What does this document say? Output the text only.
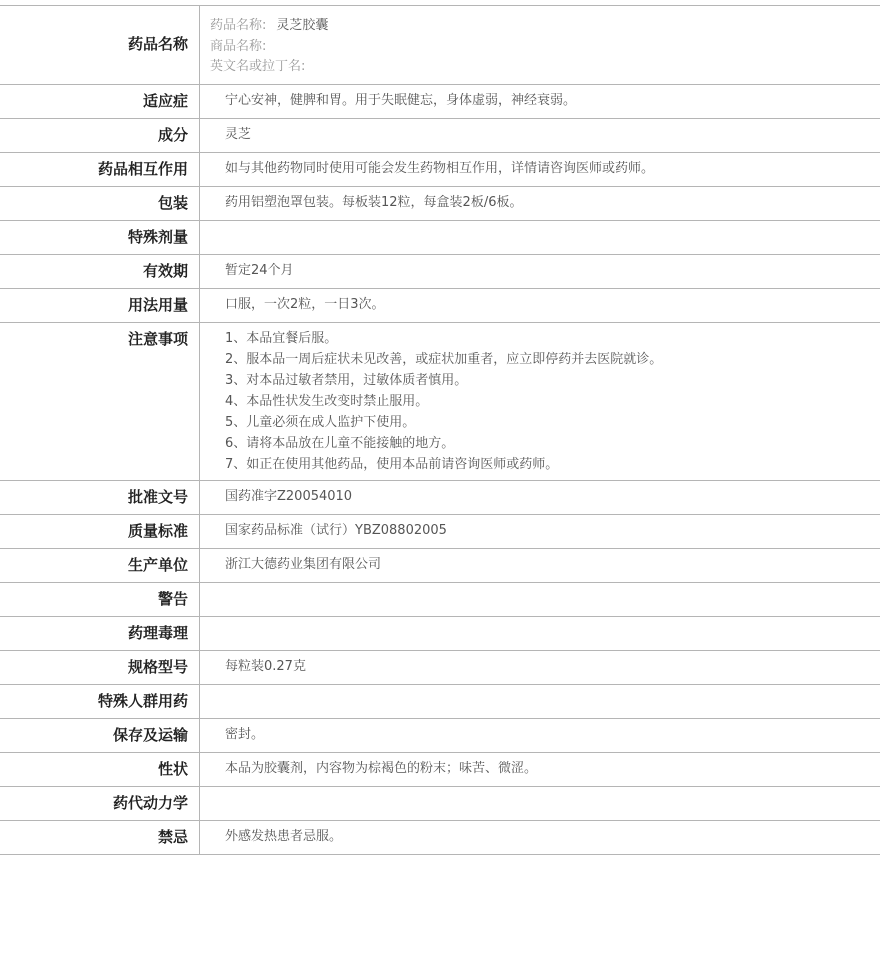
药品名称
药品名称: 灵芝胶囊
商品名称:
英文名或拉丁名:
适应症	宁心安神，健脾和胃。用于失眠健忘，身体虚弱，神经衰弱。
成分	灵芝
药品相互作用	如与其他药物同时使用可能会发生药物相互作用，详情请咨询医师或药师。
包装	药用铝塑泡罩包装。每板装12粒，每盒装2板/6板。
特殊剂量
有效期	暂定24个月
用法用量	口服，一次2粒，一日3次。
注意事项	1、本品宜餐后服。
2、服本品一周后症状未见改善，或症状加重者，应立即停药并去医院就诊。
3、对本品过敏者禁用，过敏体质者慎用。
4、本品性状发生改变时禁止服用。
5、儿童必须在成人监护下使用。
6、请将本品放在儿童不能接触的地方。
7、如正在使用其他药品，使用本品前请咨询医师或药师。
批准文号	国药准字Z20054010
质量标准	国家药品标准（试行）YBZ08802005
生产单位	浙江大德药业集团有限公司
警告
药理毒理
规格型号	每粒装0.27克
特殊人群用药
保存及运输	密封。
性状	本品为胶囊剂，内容物为棕褐色的粉末；味苦、微涩。
药代动力学
禁忌	外感发热患者忌服。
